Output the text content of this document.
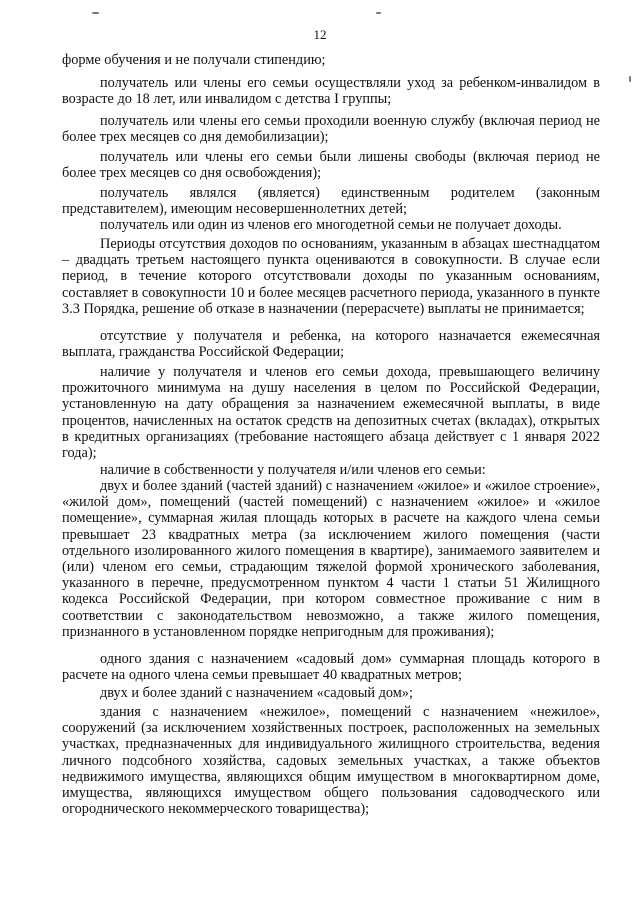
12

форме обучения и не получали стипендию;

получатель или члены его семьи осуществляли уход за ребенком-инвалидом в возрасте до 18 лет, или инвалидом с детства I группы;

получатель или члены его семьи проходили военную службу (включая период не более трех месяцев со дня демобилизации);

получатель или члены его семьи были лишены свободы (включая период не более трех месяцев со дня освобождения);

получатель являлся (является) единственным родителем (законным представителем), имеющим несовершеннолетних детей;

получатель или один из членов его многодетной семьи не получает доходы.

Периоды отсутствия доходов по основаниям, указанным в абзацах шестнадцатом – двадцать третьем настоящего пункта оцениваются в совокупности. В случае если период, в течение которого отсутствовали доходы по указанным основаниям, составляет в совокупности 10 и более месяцев расчетного периода, указанного в пункте 3.3 Порядка, решение об отказе в назначении (перерасчете) выплаты не принимается;

отсутствие у получателя и ребенка, на которого назначается ежемесячная выплата, гражданства Российской Федерации;

наличие у получателя и членов его семьи дохода, превышающего величину прожиточного минимума на душу населения в целом по Российской Федерации, установленную на дату обращения за назначением ежемесячной выплаты, в виде процентов, начисленных на остаток средств на депозитных счетах (вкладах), открытых в кредитных организациях (требование настоящего абзаца действует с 1 января 2022 года);

наличие в собственности у получателя и/или членов его семьи:

двух и более зданий (частей зданий) с назначением «жилое» и «жилое строение», «жилой дом», помещений (частей помещений) с назначением «жилое» и «жилое помещение», суммарная жилая площадь которых в расчете на каждого члена семьи превышает 23 квадратных метра (за исключением жилого помещения (части отдельного изолированного жилого помещения в квартире), занимаемого заявителем и (или) членом его семьи, страдающим тяжелой формой хронического заболевания, указанного в перечне, предусмотренном пунктом 4 части 1 статьи 51 Жилищного кодекса Российской Федерации, при котором совместное проживание с ним в соответствии с законодательством невозможно, а также жилого помещения, признанного в установленном порядке непригодным для проживания);

одного здания с назначением «садовый дом» суммарная площадь которого в расчете на одного члена семьи превышает 40 квадратных метров;

двух и более зданий с назначением «садовый дом»;

здания с назначением «нежилое», помещений с назначением «нежилое», сооружений (за исключением хозяйственных построек, расположенных на земельных участках, предназначенных для индивидуального жилищного строительства, ведения личного подсобного хозяйства, садовых земельных участках, а также объектов недвижимого имущества, являющихся общим имуществом в многоквартирном доме, имущества, являющихся имуществом общего пользования садоводческого или огороднического некоммерческого товарищества);
